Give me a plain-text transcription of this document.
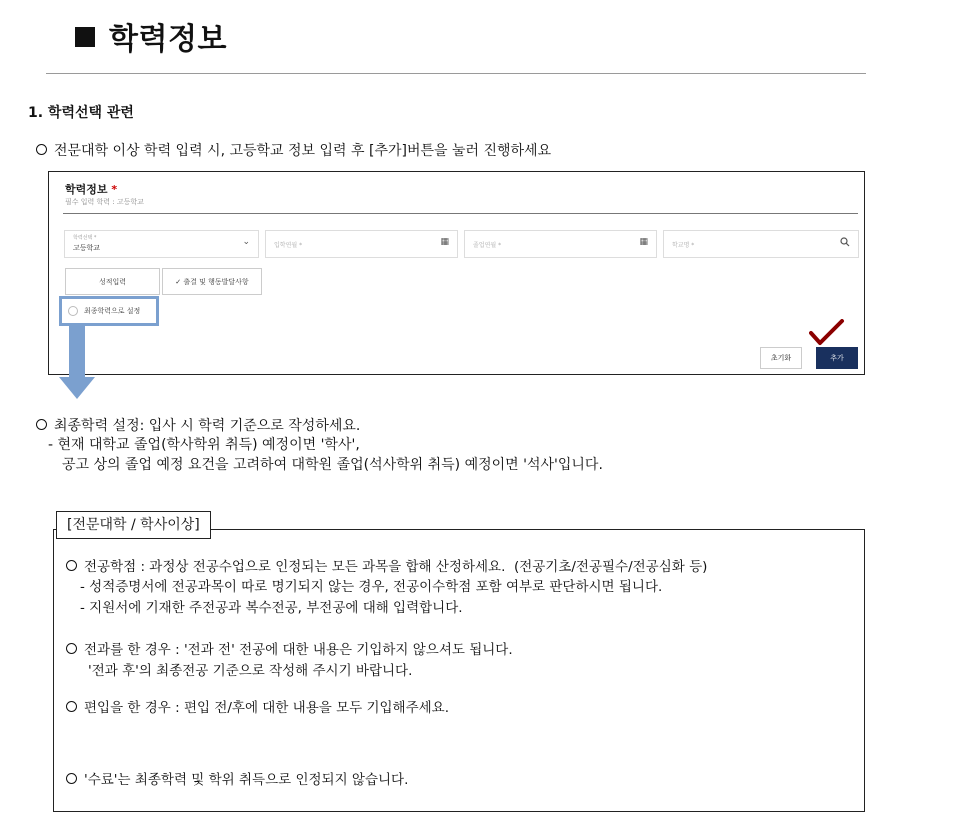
학력정보
1. 학력선택 관련
전문대학 이상 학력 입력 시, 고등학교 정보 입력 후 [추가]버튼을 눌러 진행하세요
학력정보 *
필수 입력 학력 : 고등학교
학력선택 *
고등학교
⌄	입학연월 *	▦	졸업연월 *	▦	학교명 *
성적입력	✓ 출결 및 행동발달사항
최종학력으로 설정
초기화	추가
최종학력 설정: 입사 시 학력 기준으로 작성하세요.
- 현재 대학교 졸업(학사학위 취득) 예정이면 '학사',
공고 상의 졸업 예정 요건을 고려하여 대학원 졸업(석사학위 취득) 예정이면 '석사'입니다.
전공학점 : 과정상 전공수업으로 인정되는 모든 과목을 합해 산정하세요.  (전공기초/전공필수/전공심화 등)
- 성적증명서에 전공과목이 따로 명기되지 않는 경우, 전공이수학점 포함 여부로 판단하시면 됩니다.
- 지원서에 기재한 주전공과 복수전공, 부전공에 대해 입력합니다.
전과를 한 경우 : '전과 전' 전공에 대한 내용은 기입하지 않으셔도 됩니다.
'전과 후'의 최종전공 기준으로 작성해 주시기 바랍니다.
편입을 한 경우 : 편입 전/후에 대한 내용을 모두 기입해주세요.
'수료'는 최종학력 및 학위 취득으로 인정되지 않습니다.
[전문대학 / 학사이상]
